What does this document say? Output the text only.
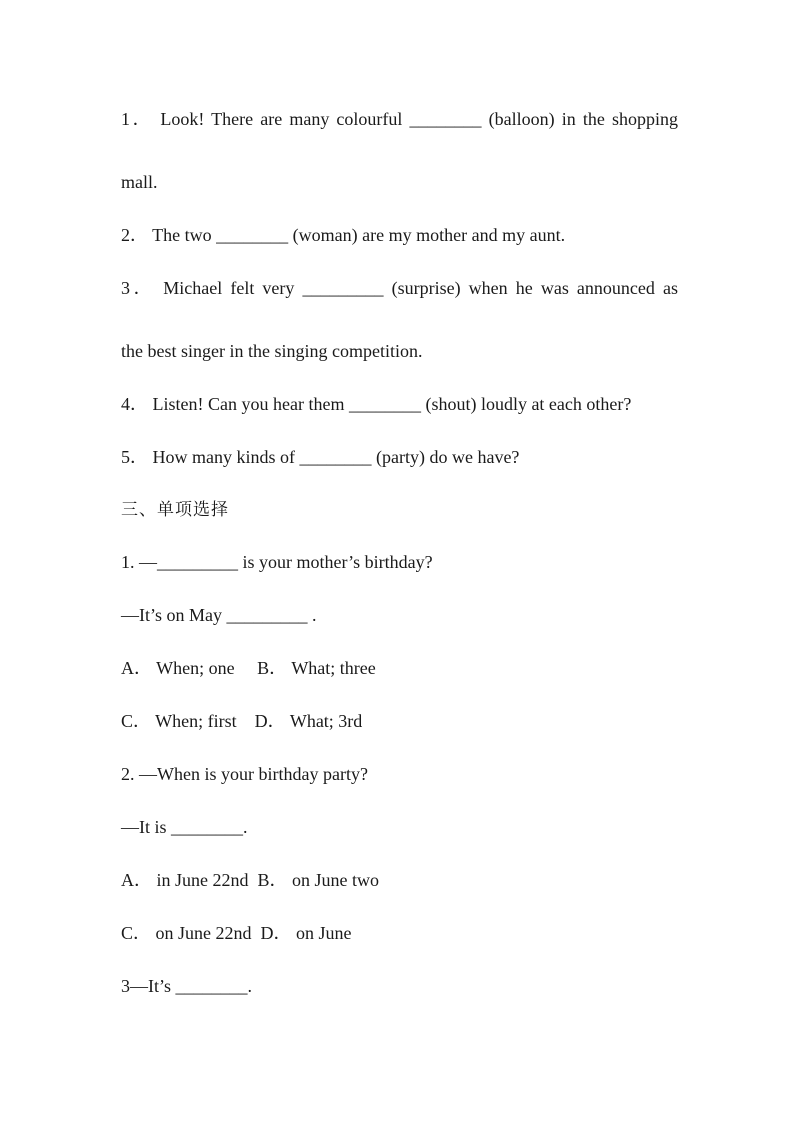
1． Look! There are many colourful ________ (balloon) in the shopping
mall.
2． The two ________ (woman) are my mother and my aunt.
3． Michael felt very _________ (surprise) when he was announced as
the best singer in the singing competition.
4． Listen! Can you hear them ________ (shout) loudly at each other?
5． How many kinds of ________ (party) do we have?
三、单项选择
1. —_________ is your mother’s birthday?
—It’s on May _________ .
A． When; one     B． What; three
C． When; first    D． What; 3rd
2. —When is your birthday party?
—It is ________.
A． in June 22nd  B． on June two
C． on June 22nd  D． on June
3—It’s ________.
